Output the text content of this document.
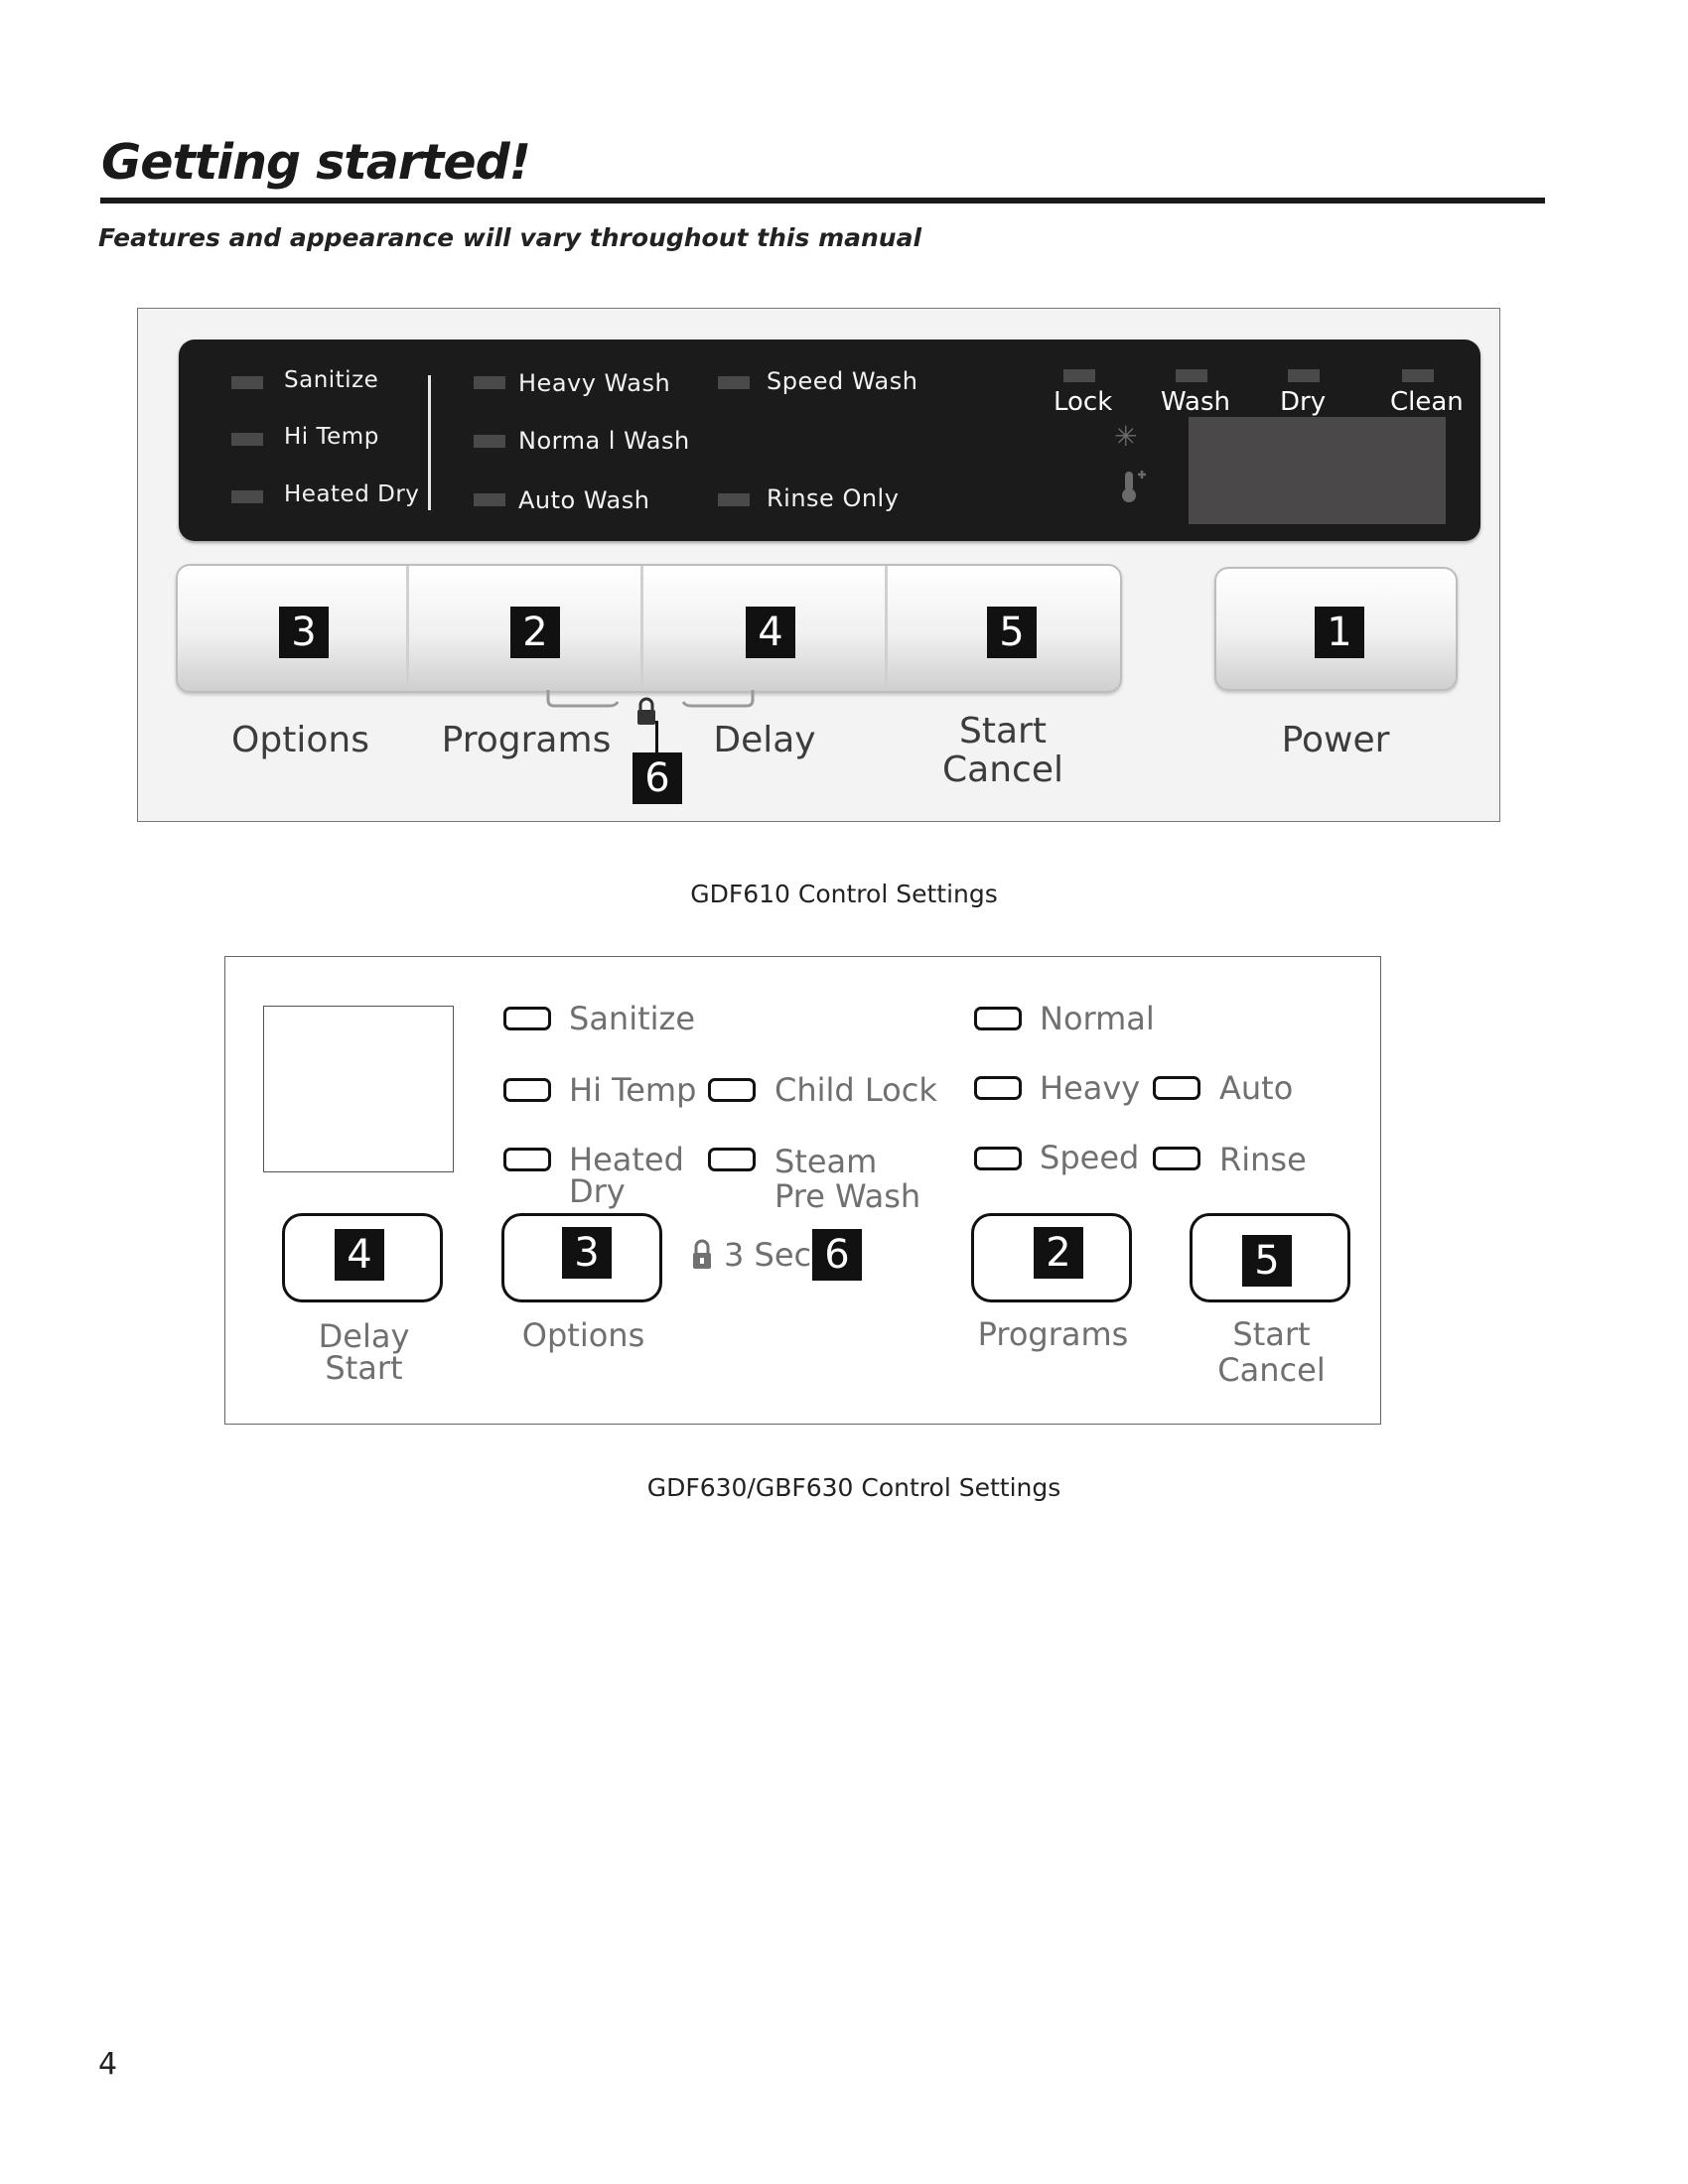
Getting started!
Features and appearance will vary throughout this manual
Sanitize
Hi Temp
Heated Dry
Heavy Wash
Norma l Wash
Auto Wash
Speed Wash
Rinse Only
Lock Wash Dry Clean
✳
3	2	4	5	1
6
Options	Programs	Delay	Start
Cancel
Power
GDF610 Control Settings
Sanitize
Hi Temp
Heated
Dry
Child Lock
Steam
Pre Wash
Normal
Heavy Auto
Speed	Rinse
4	3	2	5
3 Sec 6
Delay
Start
Options	Programs	Start
Cancel
GDF630/GBF630 Control Settings
4
